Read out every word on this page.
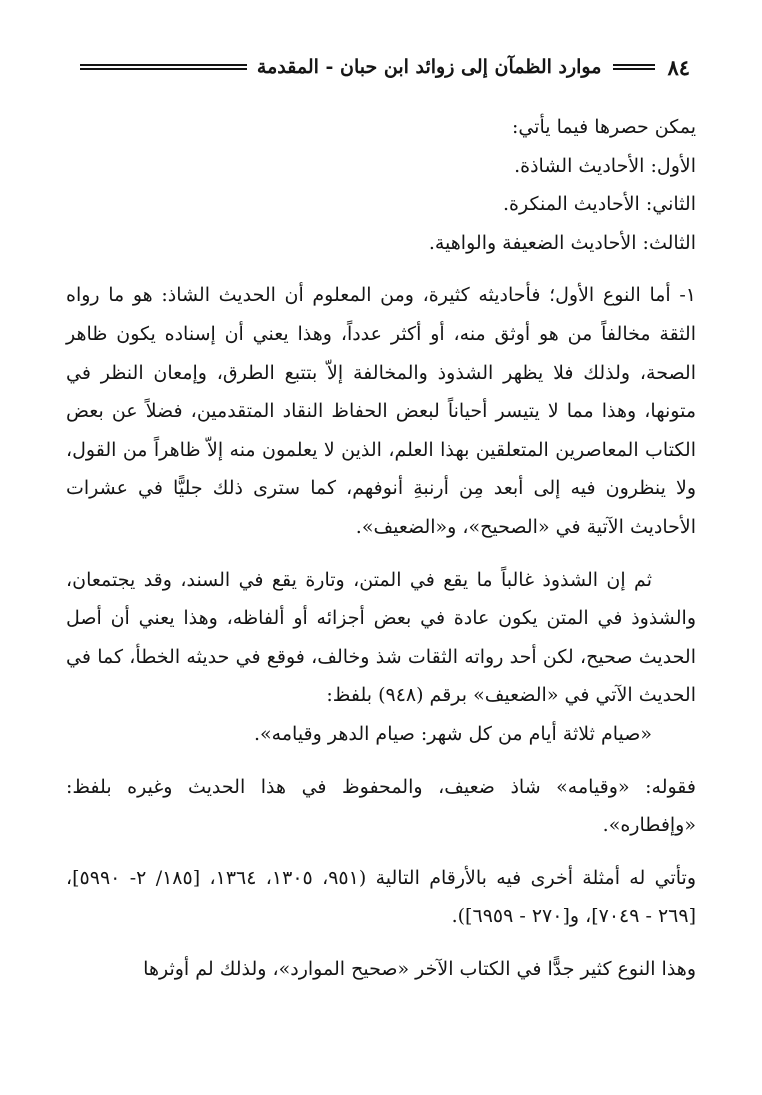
٨٤
موارد الظمآن إلى زوائد ابن حبان - المقدمة

يمكن حصرها فيما يأتي:

الأول: الأحاديث الشاذة.

الثاني: الأحاديث المنكرة.

الثالث: الأحاديث الضعيفة والواهية.

١- أما النوع الأول؛ فأحاديثه كثيرة، ومن المعلوم أن الحديث الشاذ: هو ما رواه الثقة مخالفاً من هو أوثق منه، أو أكثر عدداً، وهذا يعني أن إسناده يكون ظاهر الصحة، ولذلك فلا يظهر الشذوذ والمخالفة إلاّ بتتبع الطرق، وإمعان النظر في متونها، وهذا مما لا يتيسر أحياناً لبعض الحفاظ النقاد المتقدمين، فضلاً عن بعض الكتاب المعاصرين المتعلقين بهذا العلم، الذين لا يعلمون منه إلاّ ظاهراً من القول، ولا ينظرون فيه إلى أبعد مِن أرنبةِ أنوفهم، كما سترى ذلك جليًّا في عشرات الأحاديث الآتية في «الصحيح»، و«الضعيف».

ثم إن الشذوذ غالباً ما يقع في المتن، وتارة يقع في السند، وقد يجتمعان، والشذوذ في المتن يكون عادة في بعض أجزائه أو ألفاظه، وهذا يعني أن أصل الحديث صحيح، لكن أحد رواته الثقات شذ وخالف، فوقع في حديثه الخطأ، كما في الحديث الآتي في «الضعيف» برقم (٩٤٨) بلفظ:

«صيام ثلاثة أيام من كل شهر: صيام الدهر وقيامه».

فقوله: «وقيامه» شاذ ضعيف، والمحفوظ في هذا الحديث وغيره بلفظ: «وإفطاره».

وتأتي له أمثلة أخرى فيه بالأرقام التالية (٩٥١، ١٣٠٥، ١٣٦٤، [١٨٥/ ٢- ٥٩٩٠]، [٢٦٩ - ٧٠٤٩]، و[٢٧٠ - ٦٩٥٩]).

وهذا النوع كثير جدًّا في الكتاب الآخر «صحيح الموارد»، ولذلك لم أوثرها
